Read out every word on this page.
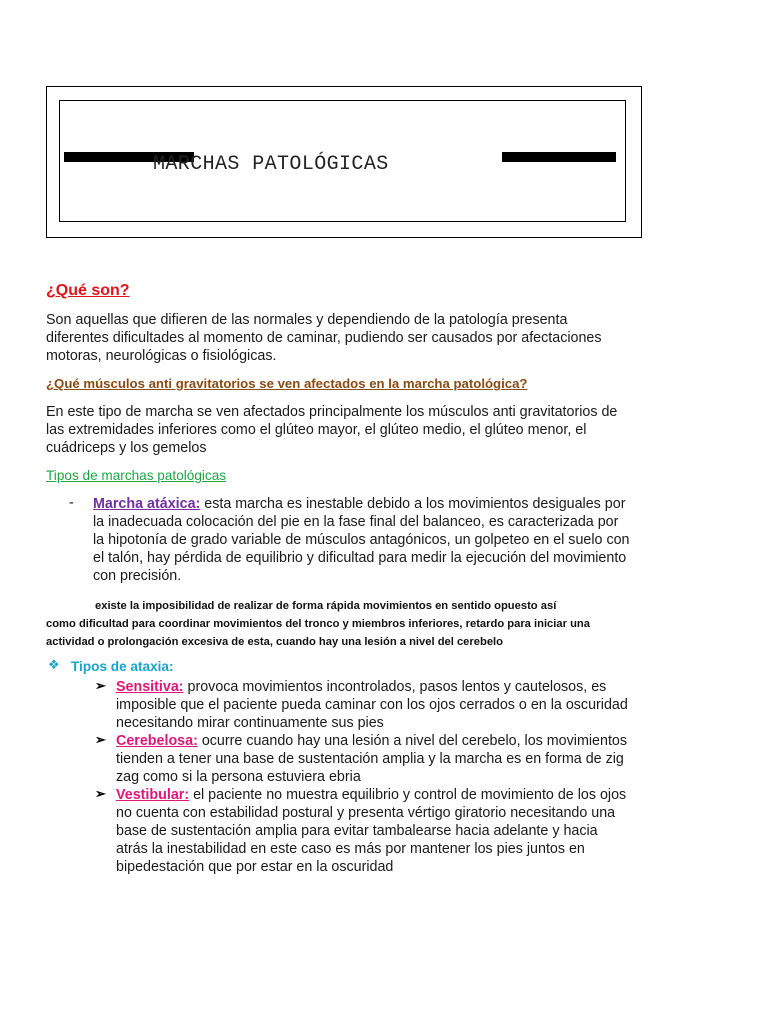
MARCHAS PATOLÓGICAS
¿Qué son?
Son aquellas que difieren de las normales y dependiendo de la patología presenta
diferentes dificultades al momento de caminar, pudiendo ser causados por afectaciones
motoras, neurológicas o fisiológicas.
¿Qué músculos anti gravitatorios se ven afectados en la marcha patológica?
En este tipo de marcha se ven afectados principalmente los músculos anti gravitatorios de
las extremidades inferiores como el glúteo mayor, el glúteo medio, el glúteo menor, el
cuádriceps y los gemelos
Tipos de marchas patológicas
- Marcha atáxica: esta marcha es inestable debido a los movimientos desiguales por
la inadecuada colocación del pie en la fase final del balanceo, es caracterizada por
la hipotonía de grado variable de músculos antagónicos, un golpeteo en el suelo con
el talón, hay pérdida de equilibrio y dificultad para medir la ejecución del movimiento
con precisión.
existe la imposibilidad de realizar de forma rápida movimientos en sentido opuesto así
como dificultad para coordinar movimientos del tronco y miembros inferiores, retardo para iniciar una
actividad o prolongación excesiva de esta, cuando hay una lesión a nivel del cerebelo
❖ Tipos de ataxia:
➢ Sensitiva: provoca movimientos incontrolados, pasos lentos y cautelosos, es
imposible que el paciente pueda caminar con los ojos cerrados o en la oscuridad
necesitando mirar continuamente sus pies
➢ Cerebelosa: ocurre cuando hay una lesión a nivel del cerebelo, los movimientos
tienden a tener una base de sustentación amplia y la marcha es en forma de zig
zag como si la persona estuviera ebria
➢ Vestibular: el paciente no muestra equilibrio y control de movimiento de los ojos
no cuenta con estabilidad postural y presenta vértigo giratorio necesitando una
base de sustentación amplia para evitar tambalearse hacia adelante y hacia
atrás la inestabilidad en este caso es más por mantener los pies juntos en
bipedestación que por estar en la oscuridad
